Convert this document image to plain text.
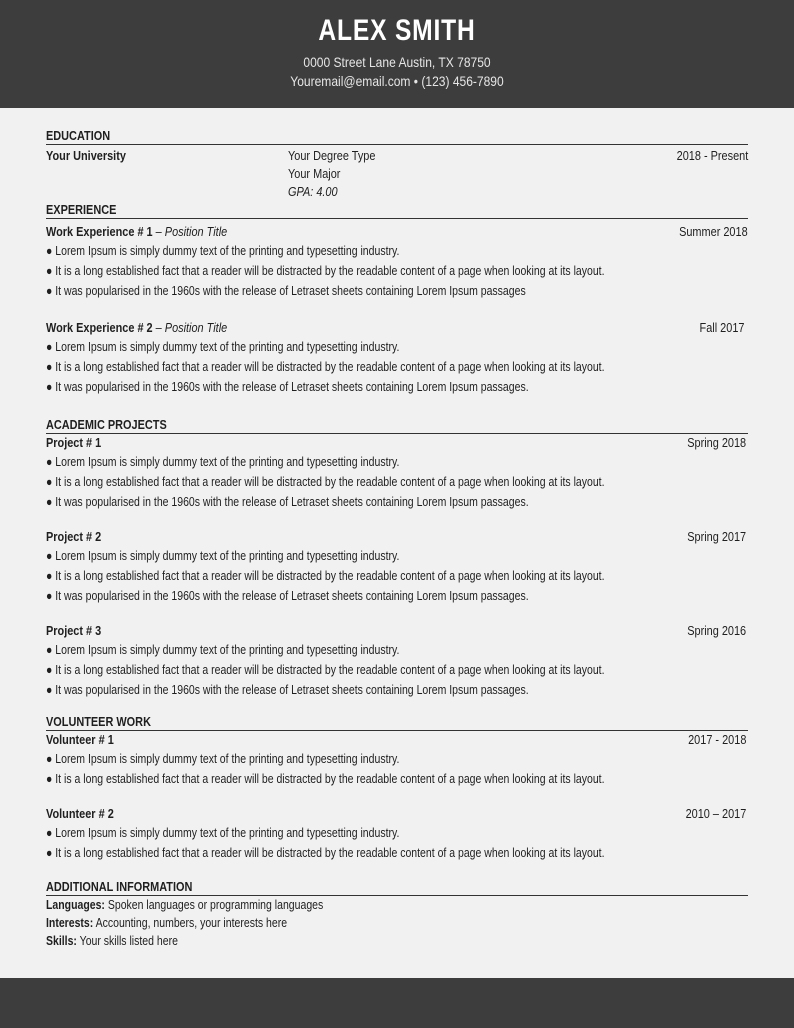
ALEX SMITH
0000 Street Lane Austin, TX 78750
Youremail@email.com • (123) 456-7890
EDUCATION
Your University	Your Degree Type	2018 - Present
Your Major
GPA: 4.00
EXPERIENCE
Work Experience # 1 – Position Title	Summer 2018
● Lorem Ipsum is simply dummy text of the printing and typesetting industry.
● It is a long established fact that a reader will be distracted by the readable content of a page when looking at its layout.
● It was popularised in the 1960s with the release of Letraset sheets containing Lorem Ipsum passages
Work Experience # 2 – Position Title	Fall 2017
● Lorem Ipsum is simply dummy text of the printing and typesetting industry.
● It is a long established fact that a reader will be distracted by the readable content of a page when looking at its layout.
● It was popularised in the 1960s with the release of Letraset sheets containing Lorem Ipsum passages.
ACADEMIC PROJECTS
Project # 1	Spring 2018
● Lorem Ipsum is simply dummy text of the printing and typesetting industry.
● It is a long established fact that a reader will be distracted by the readable content of a page when looking at its layout.
● It was popularised in the 1960s with the release of Letraset sheets containing Lorem Ipsum passages.
Project # 2	Spring 2017
● Lorem Ipsum is simply dummy text of the printing and typesetting industry.
● It is a long established fact that a reader will be distracted by the readable content of a page when looking at its layout.
● It was popularised in the 1960s with the release of Letraset sheets containing Lorem Ipsum passages.
Project # 3	Spring 2016
● Lorem Ipsum is simply dummy text of the printing and typesetting industry.
● It is a long established fact that a reader will be distracted by the readable content of a page when looking at its layout.
● It was popularised in the 1960s with the release of Letraset sheets containing Lorem Ipsum passages.
VOLUNTEER WORK
Volunteer # 1	2017 - 2018
● Lorem Ipsum is simply dummy text of the printing and typesetting industry.
● It is a long established fact that a reader will be distracted by the readable content of a page when looking at its layout.
Volunteer # 2	2010 – 2017
● Lorem Ipsum is simply dummy text of the printing and typesetting industry.
● It is a long established fact that a reader will be distracted by the readable content of a page when looking at its layout.
ADDITIONAL INFORMATION
Languages: Spoken languages or programming languages
Interests: Accounting, numbers, your interests here
Skills: Your skills listed here
